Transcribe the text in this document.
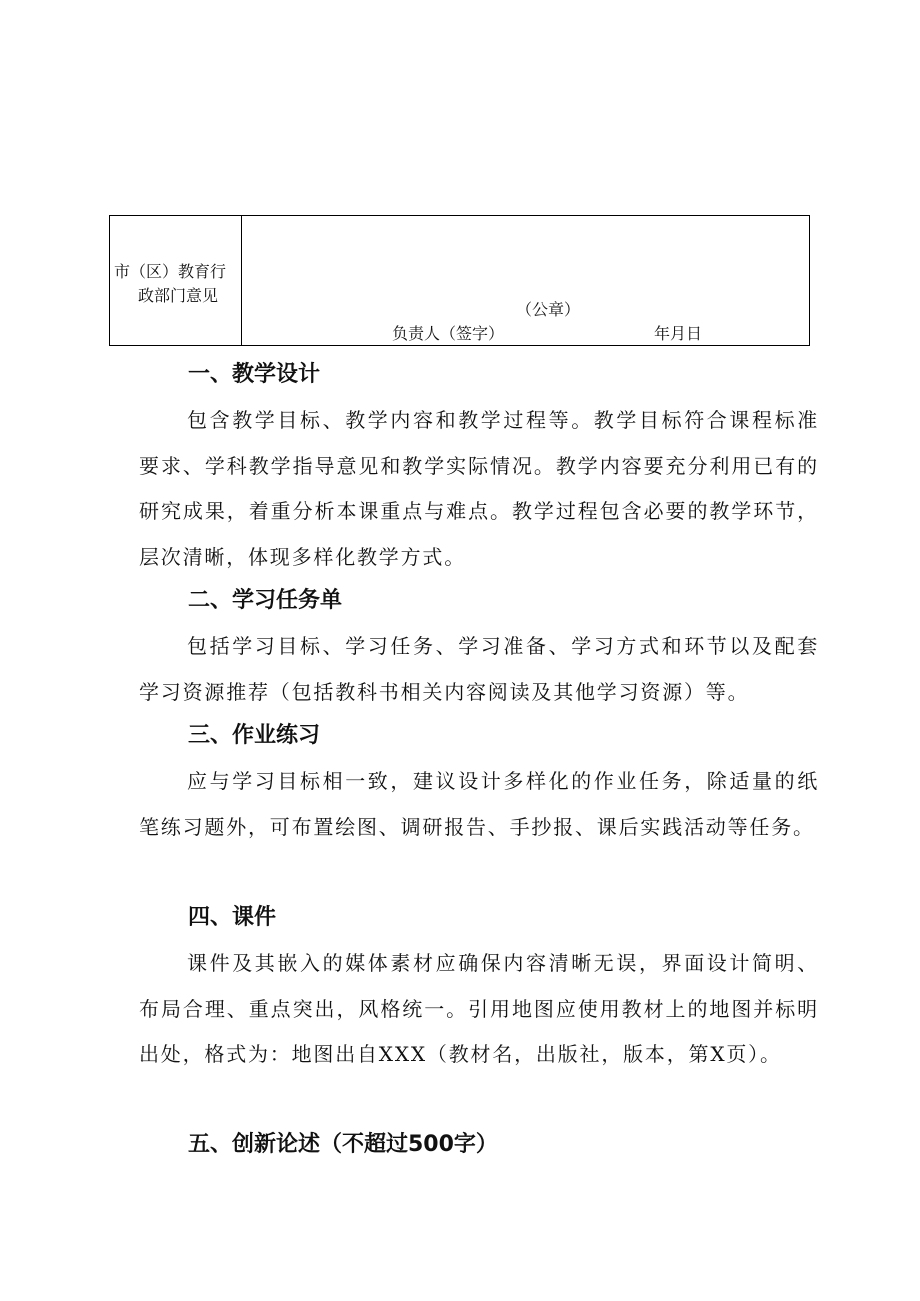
市（区）教育行
政部门意见
（公章）
负责人（签字）	年月日
一、教学设计
包含教学目标、教学内容和教学过程等。教学目标符合课程标准要求、学科教学指导意见和教学实际情况。教学内容要充分利用已有的研究成果，着重分析本课重点与难点。教学过程包含必要的教学环节，层次清晰，体现多样化教学方式。
二、学习任务单
包括学习目标、学习任务、学习准备、学习方式和环节以及配套学习资源推荐（包括教科书相关内容阅读及其他学习资源）等。
三、作业练习
应与学习目标相一致，建议设计多样化的作业任务，除适量的纸笔练习题外，可布置绘图、调研报告、手抄报、课后实践活动等任务。
四、课件
课件及其嵌入的媒体素材应确保内容清晰无误，界面设计简明、布局合理、重点突出，风格统一。引用地图应使用教材上的地图并标明出处，格式为：地图出自XXX（教材名，出版社，版本，第X页）。
五、创新论述（不超过500字）
